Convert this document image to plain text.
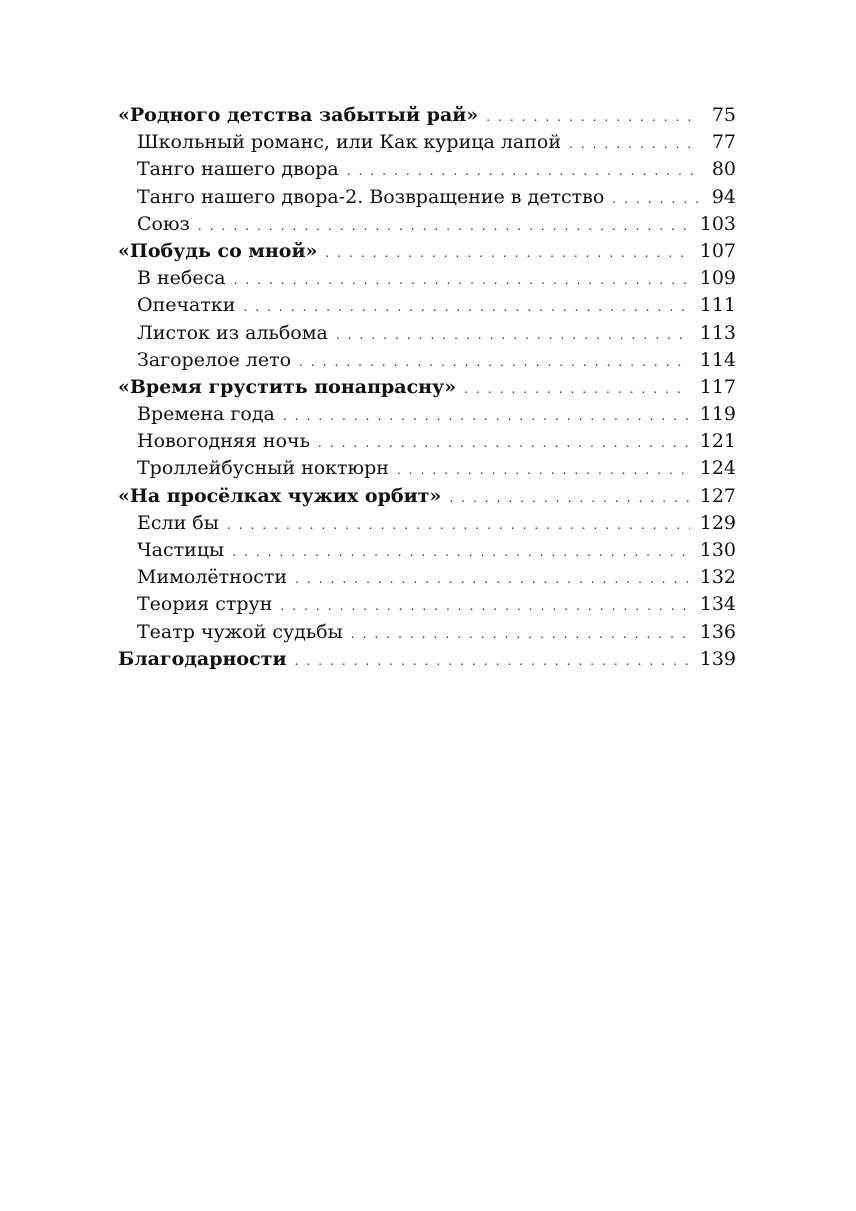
«Родного детства забытый рай» . . .	75
Школьный романс, или Как курица лапой . . .	77
Танго нашего двора . . .	80
Танго нашего двора-2. Возвращение в детство . . .	94
Союз . . .	103
«Побудь со мной» . . .	107
В небеса . . .	109
Опечатки . . .	111
Листок из альбома . . .	113
Загорелое лето . . .	114
«Время грустить понапрасну» . . .	117
Времена года . . .	119
Новогодняя ночь . . .	121
Троллейбусный ноктюрн . . .	124
«На просёлках чужих орбит» . . .	127
Если бы . . .	129
Частицы . . .	130
Мимолётности . . .	132
Теория струн . . .	134
Театр чужой судьбы . . .	136
Благодарности . . .	139
